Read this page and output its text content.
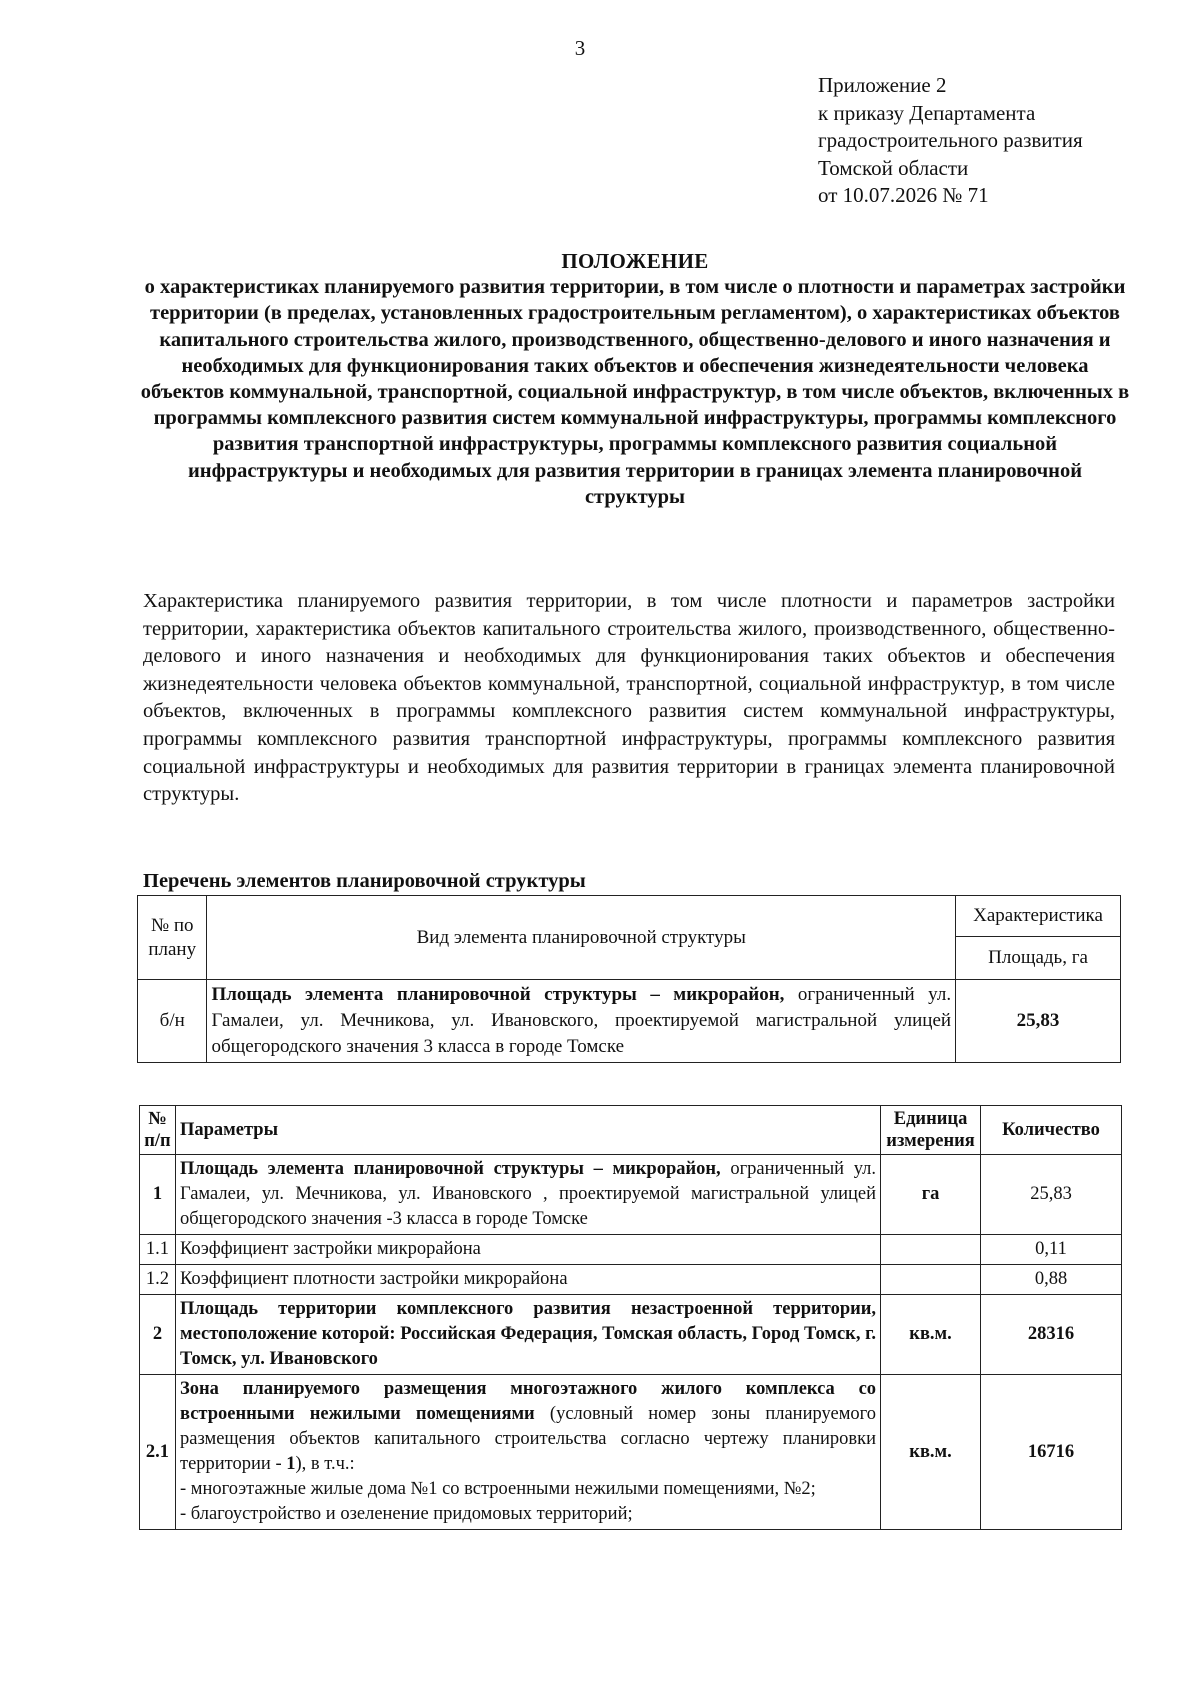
3
Приложение 2
к приказу Департамента
градостроительного развития
Томской области
от 10.07.2026 № 71
ПОЛОЖЕНИЕ
о характеристиках планируемого развития территории, в том числе о плотности и параметрах застройки территории (в пределах, установленных градостроительным регламентом), о характеристиках объектов капитального строительства жилого, производственного, общественно-делового и иного назначения и необходимых для функционирования таких объектов и обеспечения жизнедеятельности человека объектов коммунальной, транспортной, социальной инфраструктур, в том числе объектов, включенных в программы комплексного развития систем коммунальной инфраструктуры, программы комплексного развития транспортной инфраструктуры, программы комплексного развития социальной инфраструктуры и необходимых для развития территории в границах элемента планировочной структуры
Характеристика планируемого развития территории, в том числе плотности и параметров застройки территории, характеристика объектов капитального строительства жилого, производственного, общественно-делового и иного назначения и необходимых для функционирования таких объектов и обеспечения жизнедеятельности человека объектов коммунальной, транспортной, социальной инфраструктур, в том числе объектов, включенных в программы комплексного развития систем коммунальной инфраструктуры, программы комплексного развития транспортной инфраструктуры, программы комплексного развития социальной инфраструктуры и необходимых для развития территории в границах элемента планировочной структуры.
Перечень элементов планировочной структуры
№ по плану	Вид элемента планировочной структуры	Характеристика
		Площадь, га
б/н	Площадь элемента планировочной структуры – микрорайон, ограниченный ул. Гамалеи, ул. Мечникова, ул. Ивановского, проектируемой магистральной улицей общегородского значения 3 класса в городе Томске	25,83
№ п/п	Параметры	Единица измерения	Количество
1	Площадь элемента планировочной структуры – микрорайон, ограниченный ул. Гамалеи, ул. Мечникова, ул. Ивановского , проектируемой магистральной улицей общегородского значения -3 класса в городе Томске	га	25,83
1.1	Коэффициент застройки микрорайона		0,11
1.2	Коэффициент плотности застройки микрорайона		0,88
2	Площадь территории комплексного развития незастроенной территории, местоположение которой: Российская Федерация, Томская область, Город Томск, г. Томск, ул. Ивановского	кв.м.	28316
2.1	Зона планируемого размещения многоэтажного жилого комплекса со встроенными нежилыми помещениями (условный номер зоны планируемого размещения объектов капитального строительства согласно чертежу планировки территории - 1), в т.ч.:
- многоэтажные жилые дома №1 со встроенными нежилыми помещениями, №2;
- благоустройство и озеленение придомовых территорий;	кв.м.	16716
